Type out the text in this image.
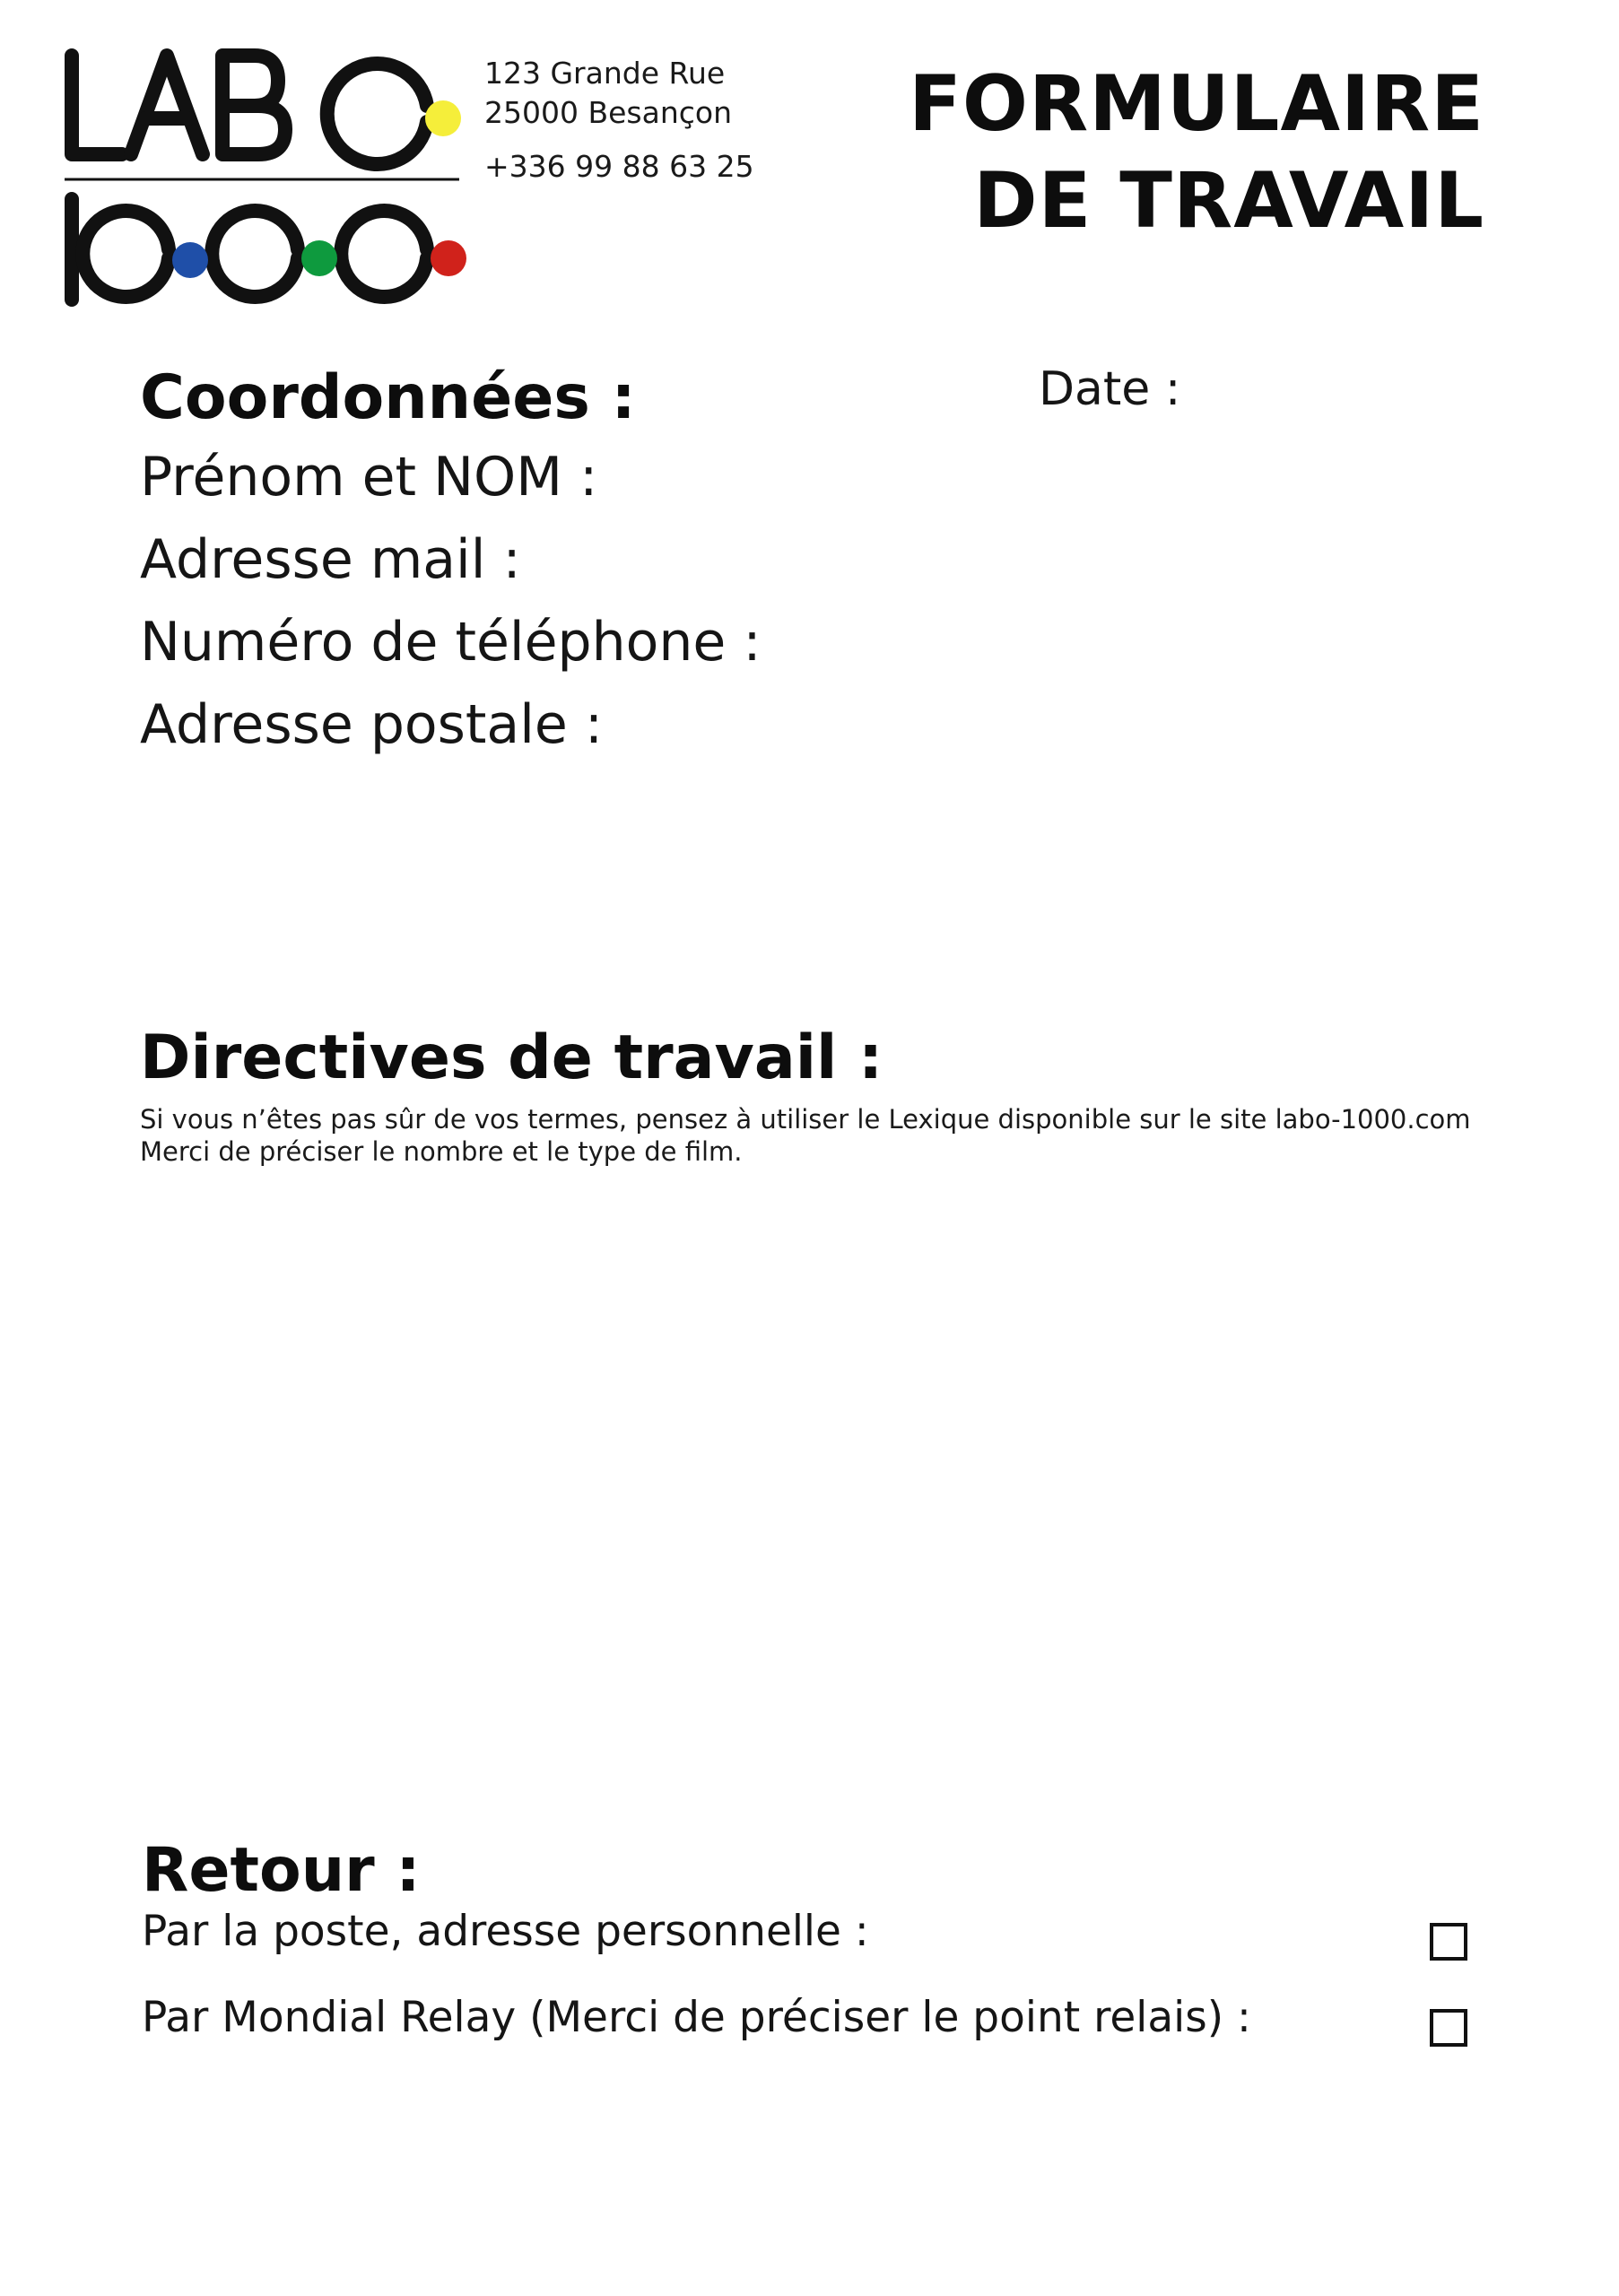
123 Grande Rue
25000 Besançon
+336 99 88 63 25
FORMULAIRE
DE TRAVAIL
Coordonnées :	Date :
Prénom et NOM :
Adresse mail :
Numéro de téléphone :
Adresse postale :
Directives de travail :
Si vous n’êtes pas sûr de vos termes, pensez à utiliser le Lexique disponible sur le site labo-1000.com
Merci de préciser le nombre et le type de film.
Retour :
Par la poste, adresse personnelle :
Par Mondial Relay (Merci de préciser le point relais) :
